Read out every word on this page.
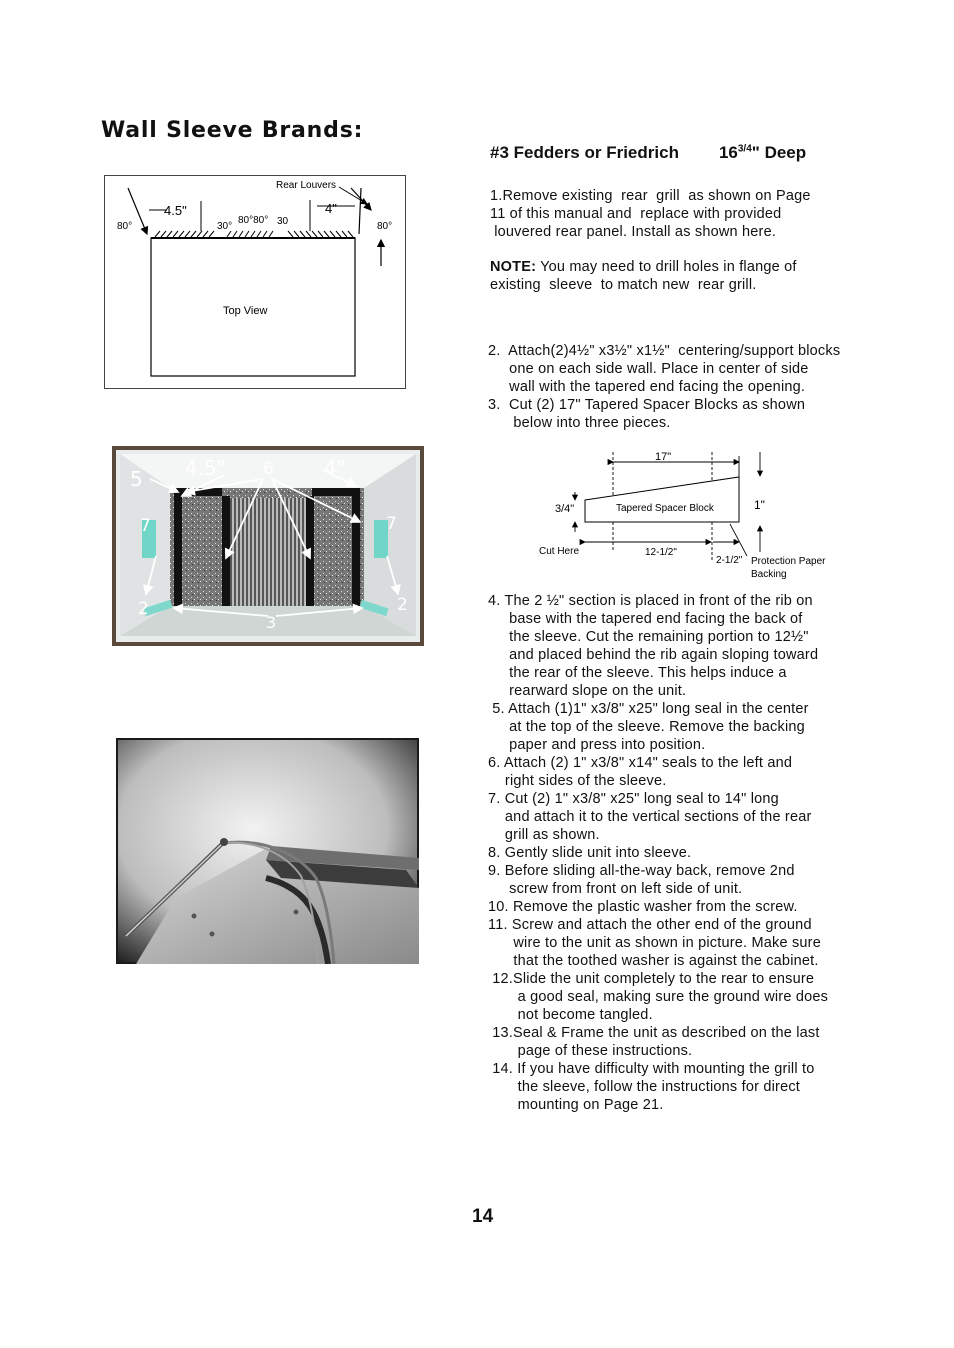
Wall Sleeve Brands:
#3 Fedders or Friedrich $16^{3/4}$" Deep
1.Remove existing  rear  grill  as shown on Page
11 of this manual and  replace with provided
louvered rear panel. Install as shown here.
NOTE: You may need to drill holes in flange of
existing  sleeve  to match new  rear grill.
2.  Attach(2)4½" x3½" x1½"  centering/support blocks
one on each side wall. Place in center of side
wall with the tapered end facing the opening.
3.  Cut (2) 17" Tapered Spacer Blocks as shown
below into three pieces.
4. The 2 ½" section is placed in front of the rib on
base with the tapered end facing the back of
the sleeve. Cut the remaining portion to 12½"
and placed behind the rib again sloping toward
the rear of the sleeve. This helps induce a
rearward slope on the unit.
5. Attach (1)1" x3/8" x25" long seal in the center
at the top of the sleeve. Remove the backing
paper and press into position.
6. Attach (2) 1" x3/8" x14" seals to the left and
right sides of the sleeve.
7. Cut (2) 1" x3/8" x25" long seal to 14" long
and attach it to the vertical sections of the rear
grill as shown.
8. Gently slide unit into sleeve.
9. Before sliding all-the-way back, remove 2nd
screw from front on left side of unit.
10. Remove the plastic washer from the screw.
11. Screw and attach the other end of the ground
wire to the unit as shown in picture. Make sure
that the toothed washer is against the cabinet.
12.Slide the unit completely to the rear to ensure
a good seal, making sure the ground wire does
not become tangled.
13.Seal & Frame the unit as described on the last
page of these instructions.
14. If you have difficulty with mounting the grill to
the sleeve, follow the instructions for direct
mounting on Page 21.
Rear Louvers
4.5"	4"
80°	80°
30°
80°80° 30
Top View
5 4.5" 6	4"
7	7
2	2
3
17"
3/4"	Tapered Spacer Block	1"
Cut Here	12-1/2"
2-1/2" Protection Paper
Backing
14
